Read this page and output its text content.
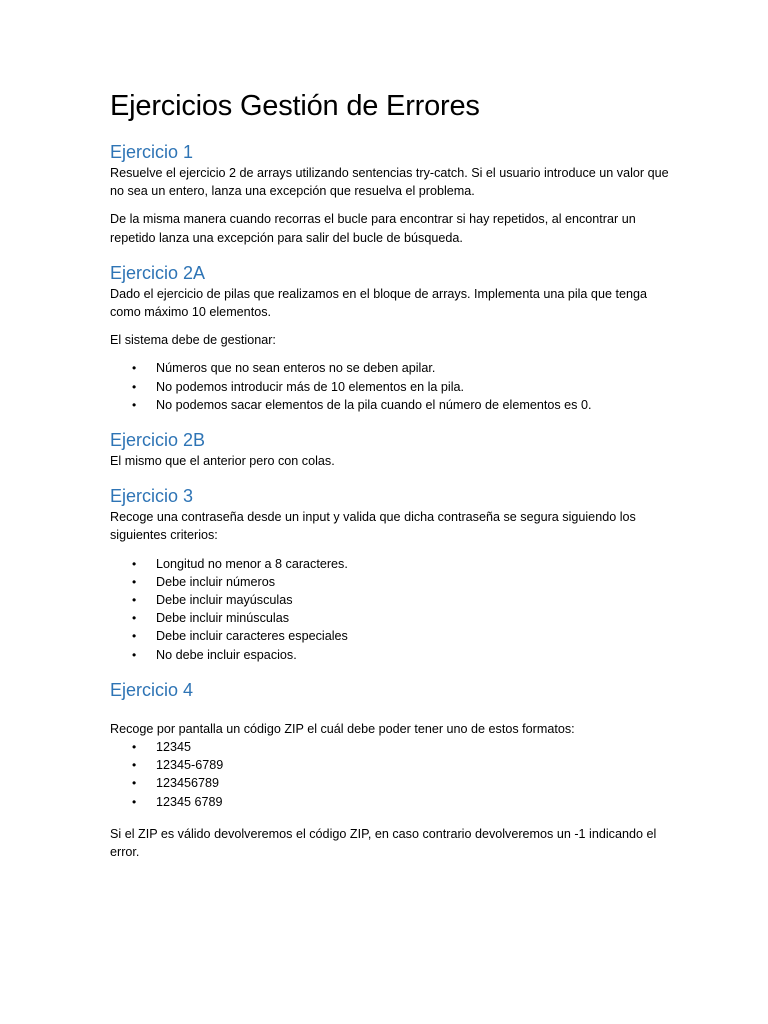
Ejercicios Gestión de Errores
Ejercicio 1

Resuelve el ejercicio 2 de arrays utilizando sentencias try-catch. Si el usuario introduce un valor que no sea un entero, lanza una excepción que resuelva el problema.

De la misma manera cuando recorras el bucle para encontrar si hay repetidos, al encontrar un repetido lanza una excepción para salir del bucle de búsqueda.

Ejercicio 2A

Dado el ejercicio de pilas que realizamos en el bloque de arrays. Implementa una pila que tenga como máximo 10 elementos.

El sistema debe de gestionar:

• Números que no sean enteros no se deben apilar.
• No podemos introducir más de 10 elementos en la pila.
• No podemos sacar elementos de la pila cuando el número de elementos es 0.
Ejercicio 2B

El mismo que el anterior pero con colas.

Ejercicio 3

Recoge una contraseña desde un input y valida que dicha contraseña se segura siguiendo los siguientes criterios:

• Longitud no menor a 8 caracteres.
• Debe incluir números
• Debe incluir mayúsculas
• Debe incluir minúsculas
• Debe incluir caracteres especiales
• No debe incluir espacios.
Ejercicio 4

Recoge por pantalla un código ZIP el cuál debe poder tener uno de estos formatos:

• 12345
• 12345-6789
• 123456789
• 12345 6789

Si el ZIP es válido devolveremos el código ZIP, en caso contrario devolveremos un -1 indicando el error.
